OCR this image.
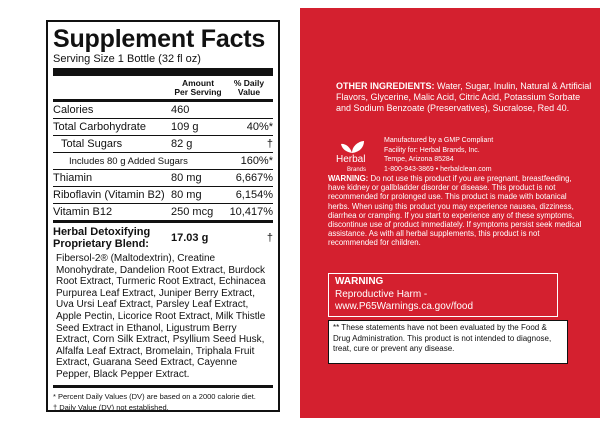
Supplement Facts
Serving Size 1 Bottle (32 fl oz)
Amount
Per Serving
% Daily
Value
Calories	460
Total Carbohydrate	109 g	40%*
Total Sugars	82 g	†
Includes 80 g Added Sugars	160%*
Thiamin	80 mg	6,667%
Riboflavin (Vitamin B2) 80 mg	6,154%
Vitamin B12	250 mcg	10,417%
Herbal Detoxifying Proprietary Blend:	17.03 g	†
Fibersol-2® (Maltodextrin), Creatine Monohydrate, Dandelion Root Extract, Burdock Root Extract, Turmeric Root Extract, Echinacea Purpurea Leaf Extract, Juniper Berry Extract, Uva Ursi Leaf Extract, Parsley Leaf Extract, Apple Pectin, Licorice Root Extract, Milk Thistle Seed Extract in Ethanol, Ligustrum Berry Extract, Corn Silk Extract, Psyllium Seed Husk, Alfalfa Leaf Extract, Bromelain, Triphala Fruit Extract, Guarana Seed Extract, Cayenne Pepper, Black Pepper Extract.
* Percent Daily Values (DV) are based on a 2000 calorie diet.
† Daily Value (DV) not established.
OTHER INGREDIENTS: Water, Sugar, Inulin, Natural & Artificial Flavors, Glycerine, Malic Acid, Citric Acid, Potassium Sorbate and Sodium Benzoate (Preservatives), Sucralose, Red 40.
Herbal
Brands
Manufactured by a GMP Compliant
Facility for: Herbal Brands, Inc.
Tempe, Arizona 85284
1-800-943-3869 • herbalclean.com
WARNING: Do not use this product if you are pregnant, breastfeeding, have kidney or gallbladder disorder or disease. This product is not recommended for prolonged use. This product is made with botanical herbs. When using this product you may experience nausea, dizziness, diarrhea or cramping. If you start to experience any of these symptoms, discontinue use of product immediately. If symptoms persist seek medical assistance. As with all herbal supplements, this product is not recommended for children.
WARNING
Reproductive Harm -
www.P65Warnings.ca.gov/food
** These statements have not been evaluated by the Food & Drug Administration. This product is not intended to diagnose, treat, cure or prevent any disease.
